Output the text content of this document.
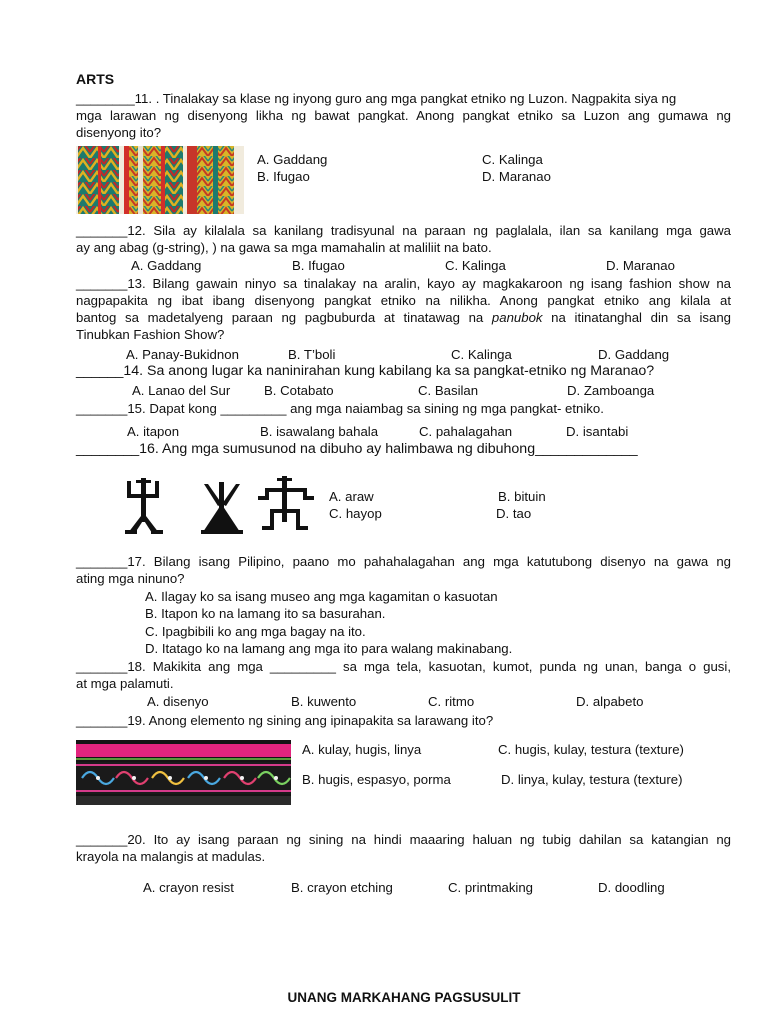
ARTS
________11. . Tinalakay sa klase ng inyong guro ang mga pangkat etniko ng Luzon. Nagpakita siya ng
mga larawan ng disenyong likha ng bawat pangkat. Anong pangkat etniko sa Luzon ang gumawa ng
disenyong ito?
A. Gaddang
B. Ifugao
C. Kalinga
D. Maranao
_______12. Sila ay kilalala sa kanilang tradisyunal na paraan ng paglalala, ilan sa kanilang mga gawa
ay ang abag (g-string), ) na gawa sa mga mamahalin at maliliit na bato.
A. Gaddang	B. Ifugao	C. Kalinga	D. Maranao
_______13. Bilang gawain ninyo sa tinalakay na aralin, kayo ay magkakaroon ng isang fashion show na
nagpapakita ng ibat ibang disenyong pangkat etniko na nilikha. Anong pangkat etniko ang kilala at
bantog sa madetalyeng paraan ng pagbuburda at tinatawag na panubok na itinatanghal din sa isang
Tinubkan Fashion Show?
A. Panay-Bukidnon	B. T’boli	C. Kalinga	D. Gaddang
______14. Sa anong lugar ka naninirahan kung kabilang ka sa pangkat-etniko ng Maranao?
A. Lanao del Sur	B. Cotabato	C. Basilan	D. Zamboanga
_______15. Dapat kong _________ ang mga naiambag sa sining ng mga pangkat- etniko.
A. itapon	B. isawalang bahala	C. pahalagahan	D. isantabi
________16. Ang mga sumusunod na dibuho ay halimbawa ng dibuhong_____________
A. araw
C. hayop
B. bituin
D. tao
_______17. Bilang isang Pilipino, paano mo pahahalagahan ang mga katutubong disenyo na gawa ng
ating mga ninuno?
A. Ilagay ko sa isang museo ang mga kagamitan o kasuotan
B. Itapon ko na lamang ito sa basurahan.
C. Ipagbibili ko ang mga bagay na ito.
D. Itatago ko na lamang ang mga ito para walang makinabang.
_______18. Makikita ang mga _________ sa mga tela, kasuotan, kumot, punda ng unan, banga o gusi,
at mga palamuti.
A. disenyo	B. kuwento	C. ritmo	D. alpabeto
_______19. Anong elemento ng sining ang ipinapakita sa larawang ito?
A. kulay, hugis, linya
B. hugis, espasyo, porma
C. hugis, kulay, testura (texture)
D. linya, kulay, testura (texture)
_______20. Ito ay isang paraan ng sining na hindi maaaring haluan ng tubig dahilan sa katangian ng
krayola na malangis at madulas.
A. crayon resist	B. crayon etching	C. printmaking	D. doodling
UNANG MARKAHANG PAGSUSULIT
